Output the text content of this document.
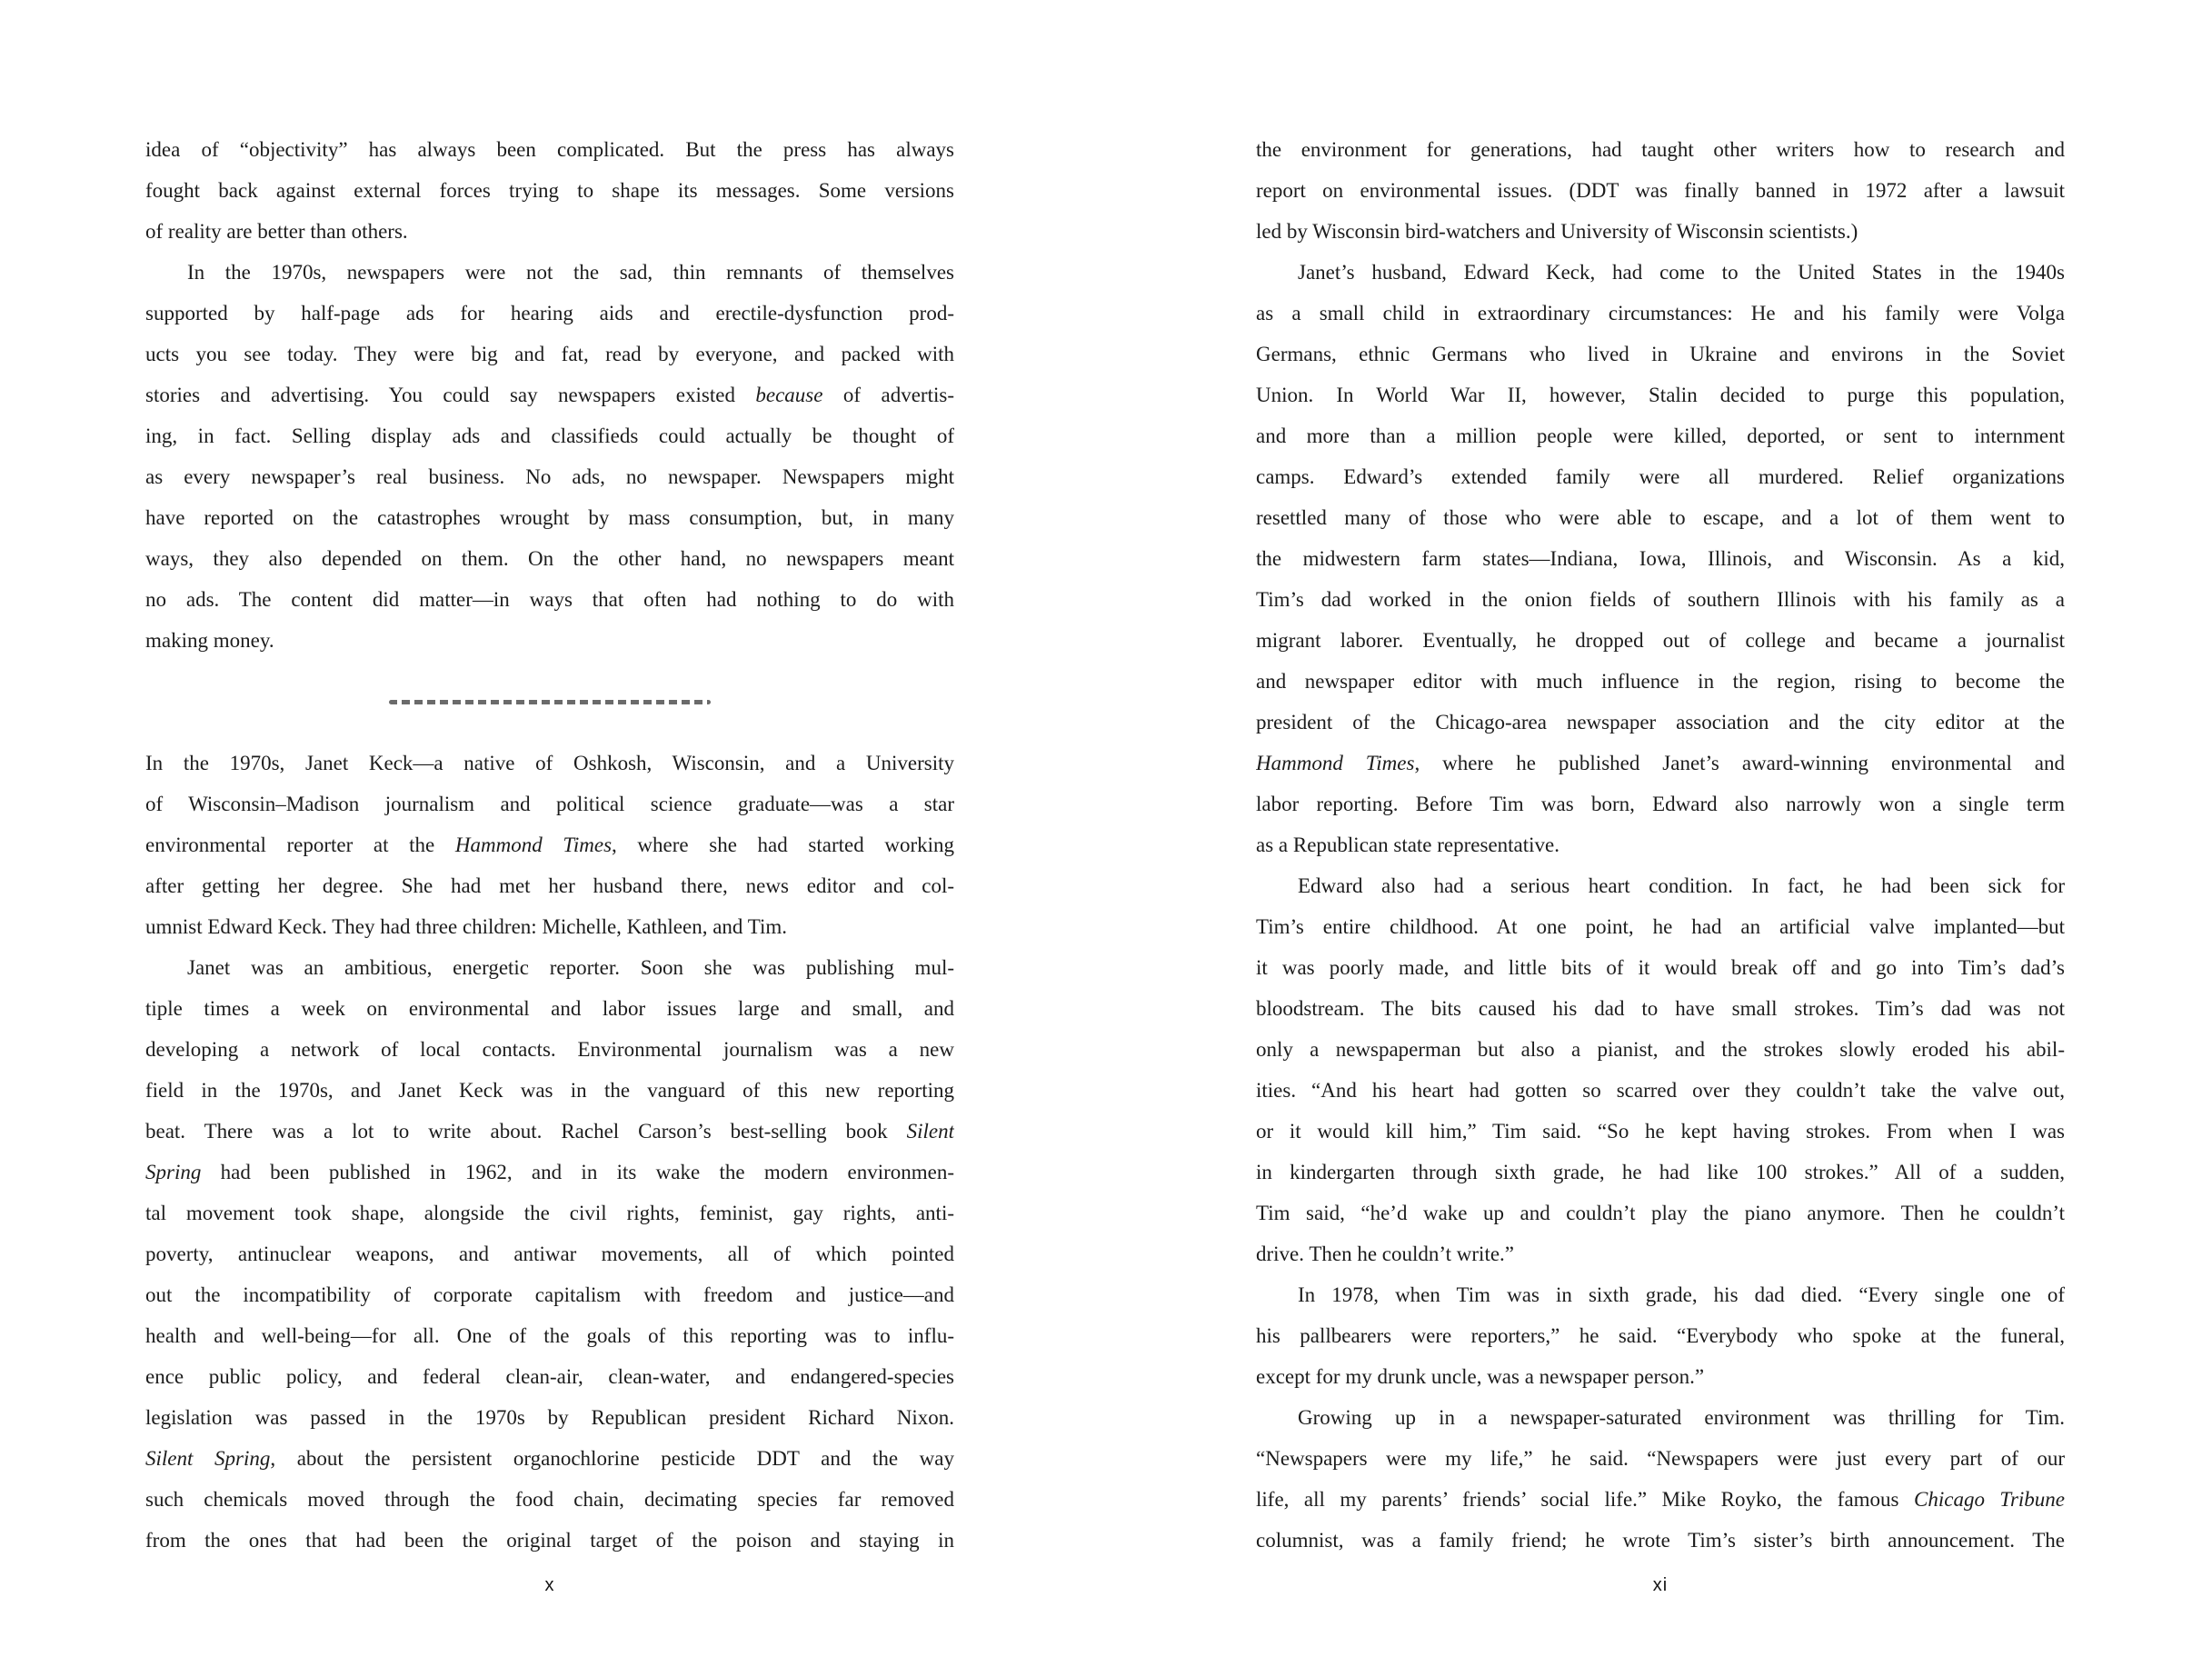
idea of “objectivity” has always been complicated. But the press has always
fought back against external forces trying to shape its messages. Some versions
of reality are better than others.
In the 1970s, newspapers were not the sad, thin remnants of themselves
supported by half-page ads for hearing aids and erectile-dysfunction prod-
ucts you see today. They were big and fat, read by everyone, and packed with
stories and advertising. You could say newspapers existed because of advertis-
ing, in fact. Selling display ads and classifieds could actually be thought of
as every newspaper’s real business. No ads, no newspaper. Newspapers might
have reported on the catastrophes wrought by mass consumption, but, in many
ways, they also depended on them. On the other hand, no newspapers meant
no ads. The content did matter—in ways that often had nothing to do with
making money.
In the 1970s, Janet Keck—a native of Oshkosh, Wisconsin, and a University
of Wisconsin–Madison journalism and political science graduate—was a star
environmental reporter at the Hammond Times, where she had started working
after getting her degree. She had met her husband there, news editor and col-
umnist Edward Keck. They had three children: Michelle, Kathleen, and Tim.
Janet was an ambitious, energetic reporter. Soon she was publishing mul-
tiple times a week on environmental and labor issues large and small, and
developing a network of local contacts. Environmental journalism was a new
field in the 1970s, and Janet Keck was in the vanguard of this new reporting
beat. There was a lot to write about. Rachel Carson’s best-selling book Silent
Spring had been published in 1962, and in its wake the modern environmen-
tal movement took shape, alongside the civil rights, feminist, gay rights, anti-
poverty, antinuclear weapons, and antiwar movements, all of which pointed
out the incompatibility of corporate capitalism with freedom and justice—and
health and well-being—for all. One of the goals of this reporting was to influ-
ence public policy, and federal clean-air, clean-water, and endangered-species
legislation was passed in the 1970s by Republican president Richard Nixon.
Silent Spring, about the persistent organochlorine pesticide DDT and the way
such chemicals moved through the food chain, decimating species far removed
from the ones that had been the original target of the poison and staying in
the environment for generations, had taught other writers how to research and
report on environmental issues. (DDT was finally banned in 1972 after a lawsuit
led by Wisconsin bird-watchers and University of Wisconsin scientists.)
Janet’s husband, Edward Keck, had come to the United States in the 1940s
as a small child in extraordinary circumstances: He and his family were Volga
Germans, ethnic Germans who lived in Ukraine and environs in the Soviet
Union. In World War II, however, Stalin decided to purge this population,
and more than a million people were killed, deported, or sent to internment
camps. Edward’s extended family were all murdered. Relief organizations
resettled many of those who were able to escape, and a lot of them went to
the midwestern farm states—Indiana, Iowa, Illinois, and Wisconsin. As a kid,
Tim’s dad worked in the onion fields of southern Illinois with his family as a
migrant laborer. Eventually, he dropped out of college and became a journalist
and newspaper editor with much influence in the region, rising to become the
president of the Chicago-area newspaper association and the city editor at the
Hammond Times, where he published Janet’s award-winning environmental and
labor reporting. Before Tim was born, Edward also narrowly won a single term
as a Republican state representative.
Edward also had a serious heart condition. In fact, he had been sick for
Tim’s entire childhood. At one point, he had an artificial valve implanted—but
it was poorly made, and little bits of it would break off and go into Tim’s dad’s
bloodstream. The bits caused his dad to have small strokes. Tim’s dad was not
only a newspaperman but also a pianist, and the strokes slowly eroded his abil-
ities. “And his heart had gotten so scarred over they couldn’t take the valve out,
or it would kill him,” Tim said. “So he kept having strokes. From when I was
in kindergarten through sixth grade, he had like 100 strokes.” All of a sudden,
Tim said, “he’d wake up and couldn’t play the piano anymore. Then he couldn’t
drive. Then he couldn’t write.”
In 1978, when Tim was in sixth grade, his dad died. “Every single one of
his pallbearers were reporters,” he said. “Everybody who spoke at the funeral,
except for my drunk uncle, was a newspaper person.”
Growing up in a newspaper-saturated environment was thrilling for Tim.
“Newspapers were my life,” he said. “Newspapers were just every part of our
life, all my parents’ friends’ social life.” Mike Royko, the famous Chicago Tribune
columnist, was a family friend; he wrote Tim’s sister’s birth announcement. The
x	xi
